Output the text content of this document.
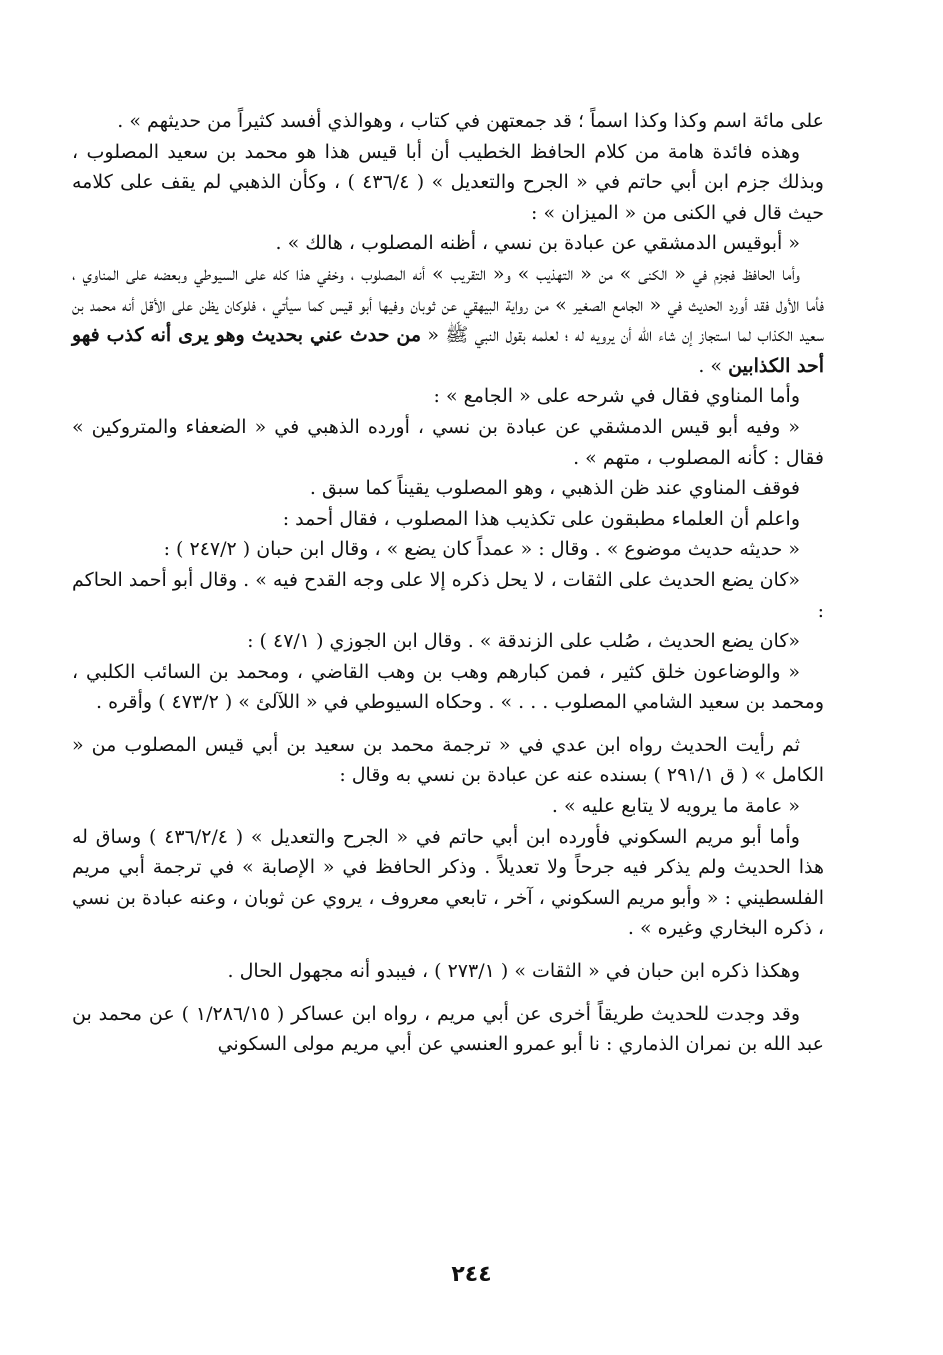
على مائة اسم وكذا وكذا اسماً ؛ قد جمعتهن في كتاب ، وهوالذي أفسد كثيراً من حديثهم » .

وهذه فائدة هامة من كلام الحافظ الخطيب أن أبا قيس هذا هو محمد بن سعيد المصلوب ، وبذلك جزم ابن أبي حاتم في « الجرح والتعديل » ( ٤٣٦/٤ ) ، وكأن الذهبي لم يقف على كلامه حيث قال في الكنى من « الميزان » :

« أبوقيس الدمشقي عن عبادة بن نسي ، أظنه المصلوب ، هالك » .

وأما الحافظ فجزم في « الكنى » من « التهذيب » و« التقريب » أنه المصلوب ، وخفي هذا كله على السيوطي وبعضه على المناوي ، فأما الأول فقد أورد الحديث في « الجامع الصغير » من رواية البيهقي عن ثوبان وفيها أبو قيس كما سيأتي ، فلوكان يظن على الأقل أنه محمد بن سعيد الكذاب لما استجاز إن شاء الله أن يرويه له ؛ لعلمه بقول النبي ﷺ « من حدث عني بحديث وهو يرى أنه كذب فهو أحد الكذابين » .

وأما المناوي فقال في شرحه على « الجامع » :

« وفيه أبو قيس الدمشقي عن عبادة بن نسي ، أورده الذهبي في « الضعفاء والمتروكين » فقال : كأنه المصلوب ، متهم » .

فوقف المناوي عند ظن الذهبي ، وهو المصلوب يقيناً كما سبق .

واعلم أن العلماء مطبقون على تكذيب هذا المصلوب ، فقال أحمد :

« حديثه حديث موضوع » . وقال : « عمداً كان يضع » ، وقال ابن حبان ( ٢٤٧/٢ ) :

«كان يضع الحديث على الثقات ، لا يحل ذكره إلا على وجه القدح فيه » . وقال أبو أحمد الحاكم :

«كان يضع الحديث ، صُلب على الزندقة » . وقال ابن الجوزي ( ٤٧/١ ) :

« والوضاعون خلق كثير ، فمن كبارهم وهب بن وهب القاضي ، ومحمد بن السائب الكلبي ، ومحمد بن سعيد الشامي المصلوب . . . » . وحكاه السيوطي في « اللآلئ » ( ٤٧٣/٢ ) وأقره .

ثم رأيت الحديث رواه ابن عدي في « ترجمة محمد بن سعيد بن أبي قيس المصلوب من « الكامل » ( ق ٢٩١/١ ) بسنده عنه عن عبادة بن نسي به وقال :

« عامة ما يرويه لا يتابع عليه » .

وأما أبو مريم السكوني فأورده ابن أبي حاتم في « الجرح والتعديل » ( ٤٣٦/٢/٤ ) وساق له هذا الحديث ولم يذكر فيه جرحاً ولا تعديلاً . وذكر الحافظ في « الإصابة » في ترجمة أبي مريم الفلسطيني : « وأبو مريم السكوني ، آخر ، تابعي معروف ، يروي عن ثوبان ، وعنه عبادة بن نسي ، ذكره البخاري وغيره » .

وهكذا ذكره ابن حبان في « الثقات » ( ٢٧٣/١ ) ، فيبدو أنه مجهول الحال .

وقد وجدت للحديث طريقاً أخرى عن أبي مريم ، رواه ابن عساكر ( ١/٢٨٦/١٥ ) عن محمد بن عبد الله بن نمران الذماري : نا أبو عمرو العنسي عن أبي مريم مولى السكوني

٢٤٤
